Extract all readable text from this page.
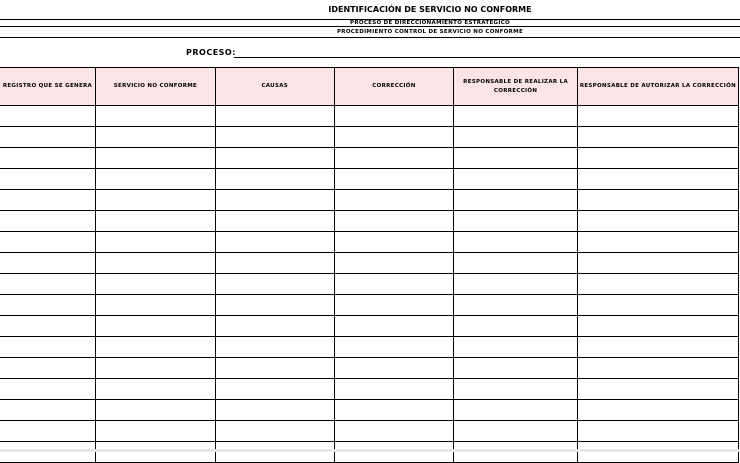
IDENTIFICACIÓN DE SERVICIO NO CONFORME
PROCESO DE DIRECCIONAMIENTO ESTRATEGICO
PROCEDIMIENTO CONTROL DE SERVICIO NO CONFORME
PROCESO:
REGISTRO QUE SE GENERA	SERVICIO NO CONFORME	CAUSAS	CORRECCIÓN	RESPONSABLE DE REALIZAR LA CORRECCIÓN	RESPONSABLE DE AUTORIZAR LA CORRECCIÓN
